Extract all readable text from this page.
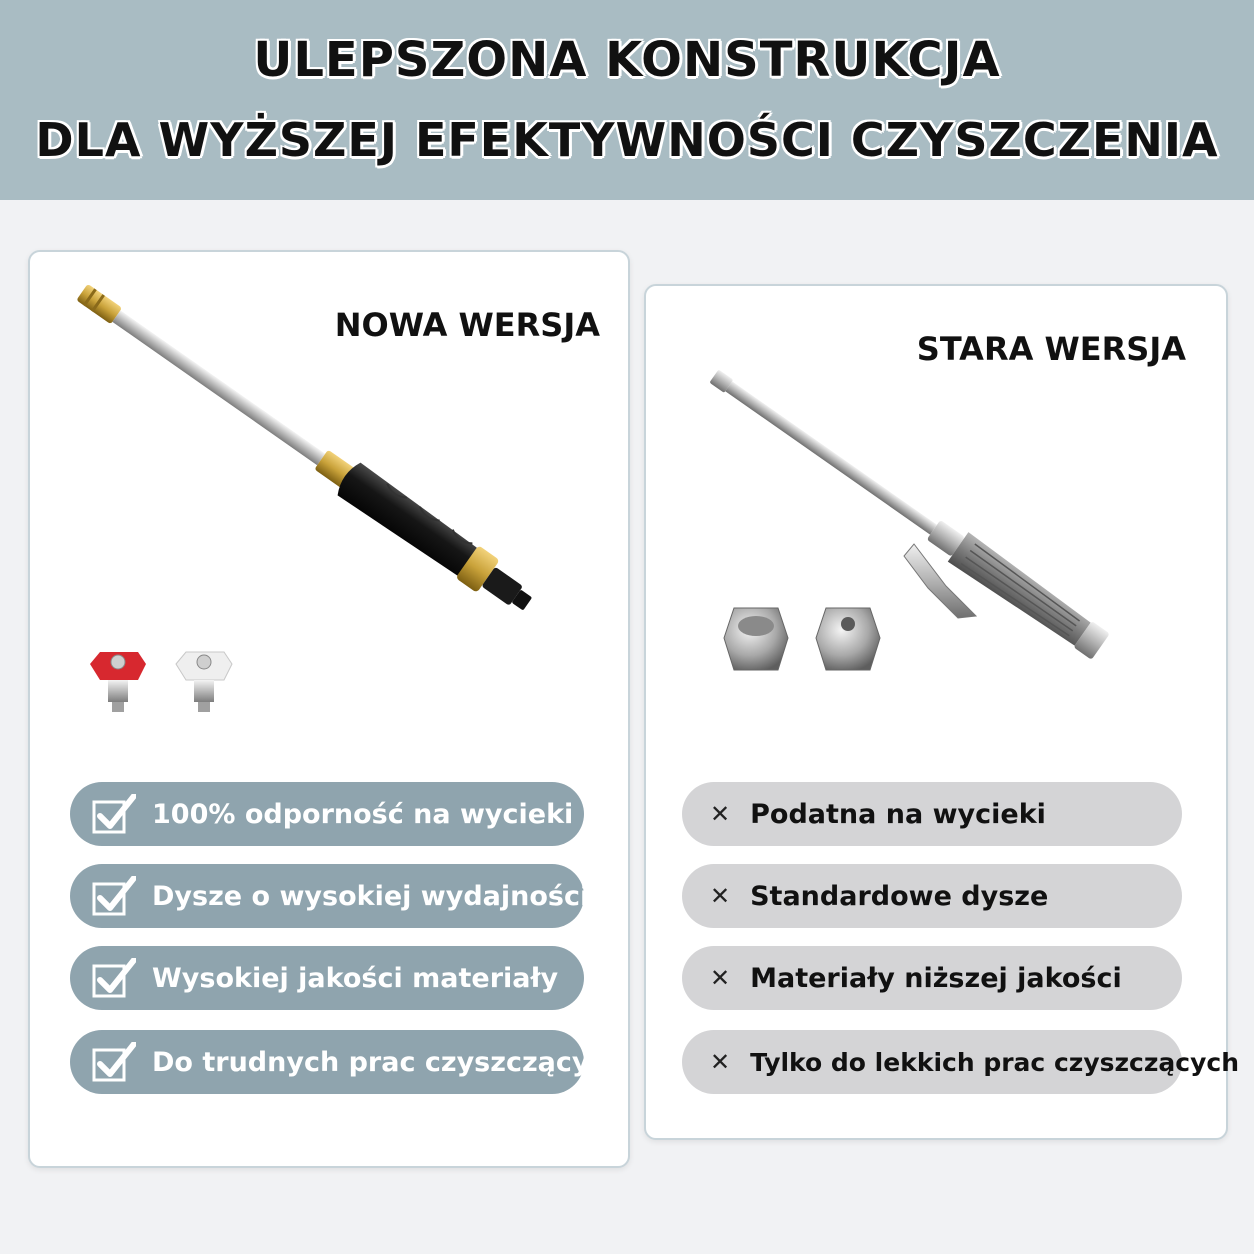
ULEPSZONA KONSTRUKCJA
DLA WYŻSZEJ EFEKTYWNOŚCI CZYSZCZENIA
NOWA WERSJA
100% odporność na wycieki
Dysze o wysokiej wydajności
Wysokiej jakości materiały
Do trudnych prac czyszczących
STARA WERSJA
✕ Podatna na wycieki
✕ Standardowe dysze
✕ Materiały niższej jakości
✕ Tylko do lekkich prac czyszczących
